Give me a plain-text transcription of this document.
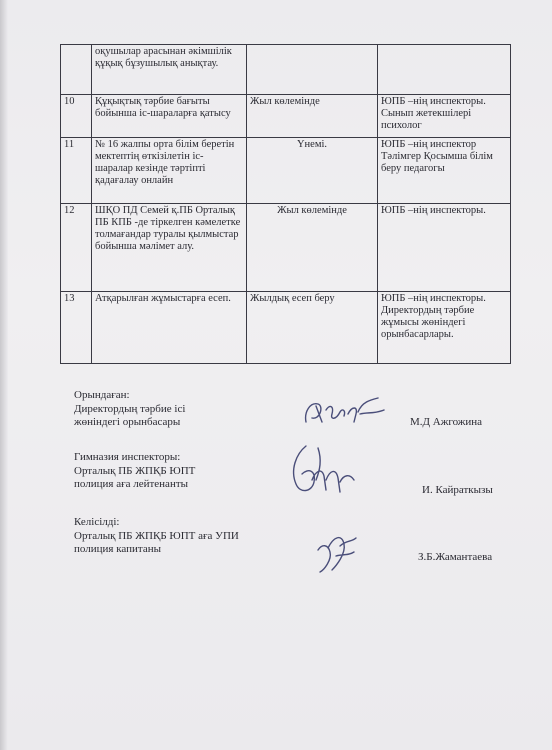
	оқушылар арасынан әкімшілік құқық бұзушылық анықтау.		
10	Құқықтық тәрбие бағыты бойынша іс-шараларға қатысу	Жыл көлемінде	ЮПБ –нің инспекторы. Сынып жетекшілері психолог
11	№ 16 жалпы орта білім беретін мектептің өткізілетін іс- шаралар кезінде тәртіпті қадағалау онлайн	Үнемі.	ЮПБ –нің инспектор Тәлімгер Қосымша білім беру педагогы
12	ШҚО ПД Семей қ.ПБ Орталық ПБ КПБ -де тіркелген кәмелетке толмағандар туралы қылмыстар бойынша мәлімет алу.	Жыл көлемінде	ЮПБ –нің инспекторы.
13	Атқарылған жұмыстарға есеп.	Жылдық есеп беру	ЮПБ –нің инспекторы. Директордың тәрбие жұмысы жөніндегі орынбасарлары.
Орындаған:
Директордың тәрбие ісі
жөніндегі орынбасары	М.Д Ажгожина
Гимназия инспекторы:
Орталық ПБ ЖПҚБ ЮПТ
полиция аға лейтенанты	И. Кайраткызы
Келісілді:
Орталық ПБ ЖПҚБ ЮПТ аға УПИ
полиция капитаны
З.Б.Жамантаева
